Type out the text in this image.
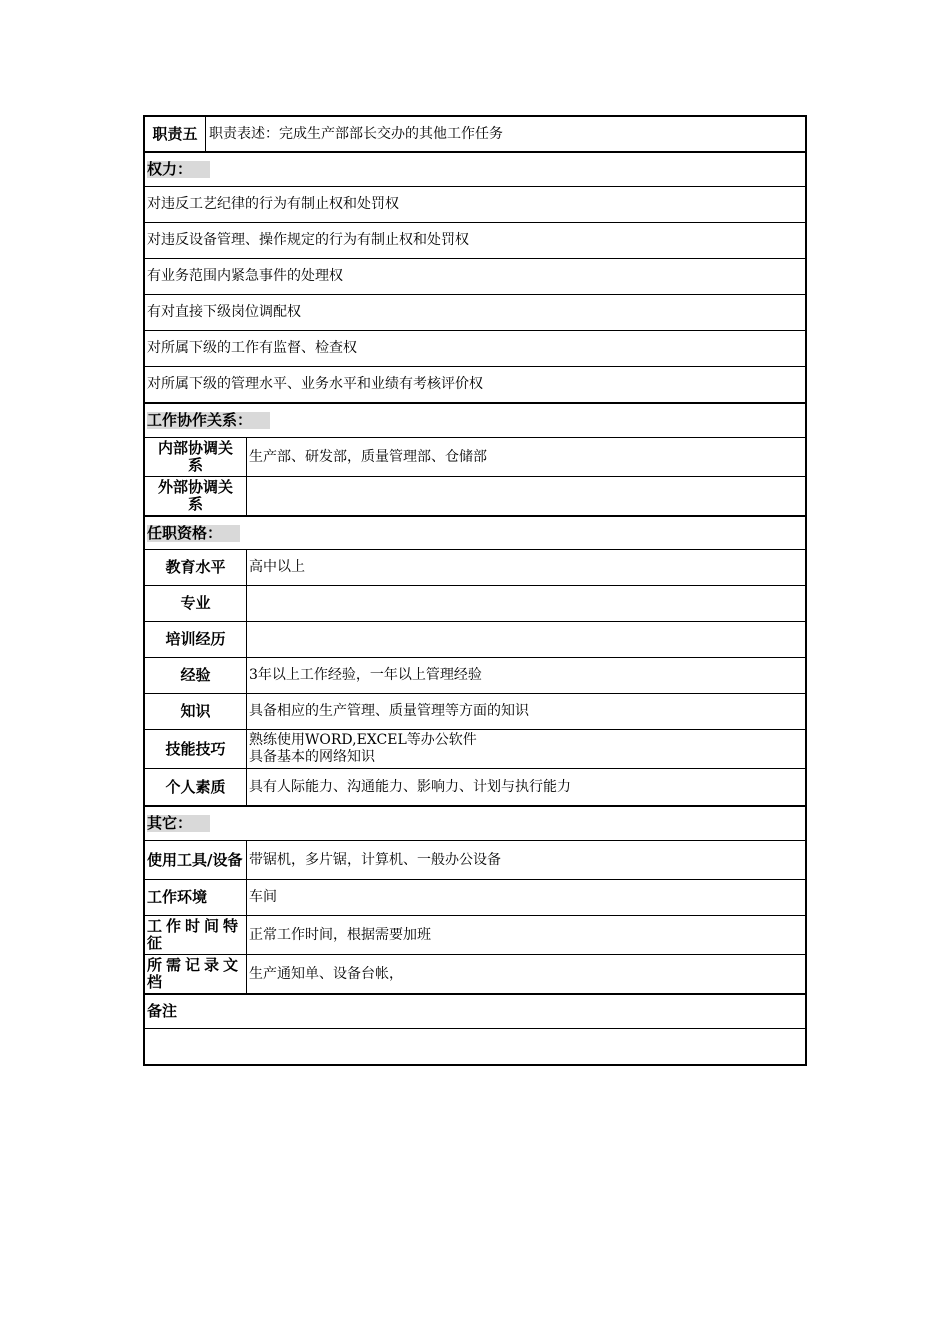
职责五 职责表述：完成生产部部长交办的其他工作任务
权力：
对违反工艺纪律的行为有制止权和处罚权
对违反设备管理、操作规定的行为有制止权和处罚权
有业务范围内紧急事件的处理权
有对直接下级岗位调配权
对所属下级的工作有监督、检查权
对所属下级的管理水平、业务水平和业绩有考核评价权
工作协作关系：
内部协调关系	生产部、研发部，质量管理部、仓储部
外部协调关系
任职资格：
教育水平	高中以上
专业
培训经历
经验	3年以上工作经验，一年以上管理经验
知识	具备相应的生产管理、质量管理等方面的知识
技能技巧	熟练使用WORD,EXCEL等办公软件
具备基本的网络知识
个人素质	具有人际能力、沟通能力、影响力、计划与执行能力
其它：
使用工具/设备 带锯机，多片锯，计算机、一般办公设备
工作环境	车间
工作时间特征	正常工作时间，根据需要加班
所需记录文档	生产通知单、设备台帐，
备注
